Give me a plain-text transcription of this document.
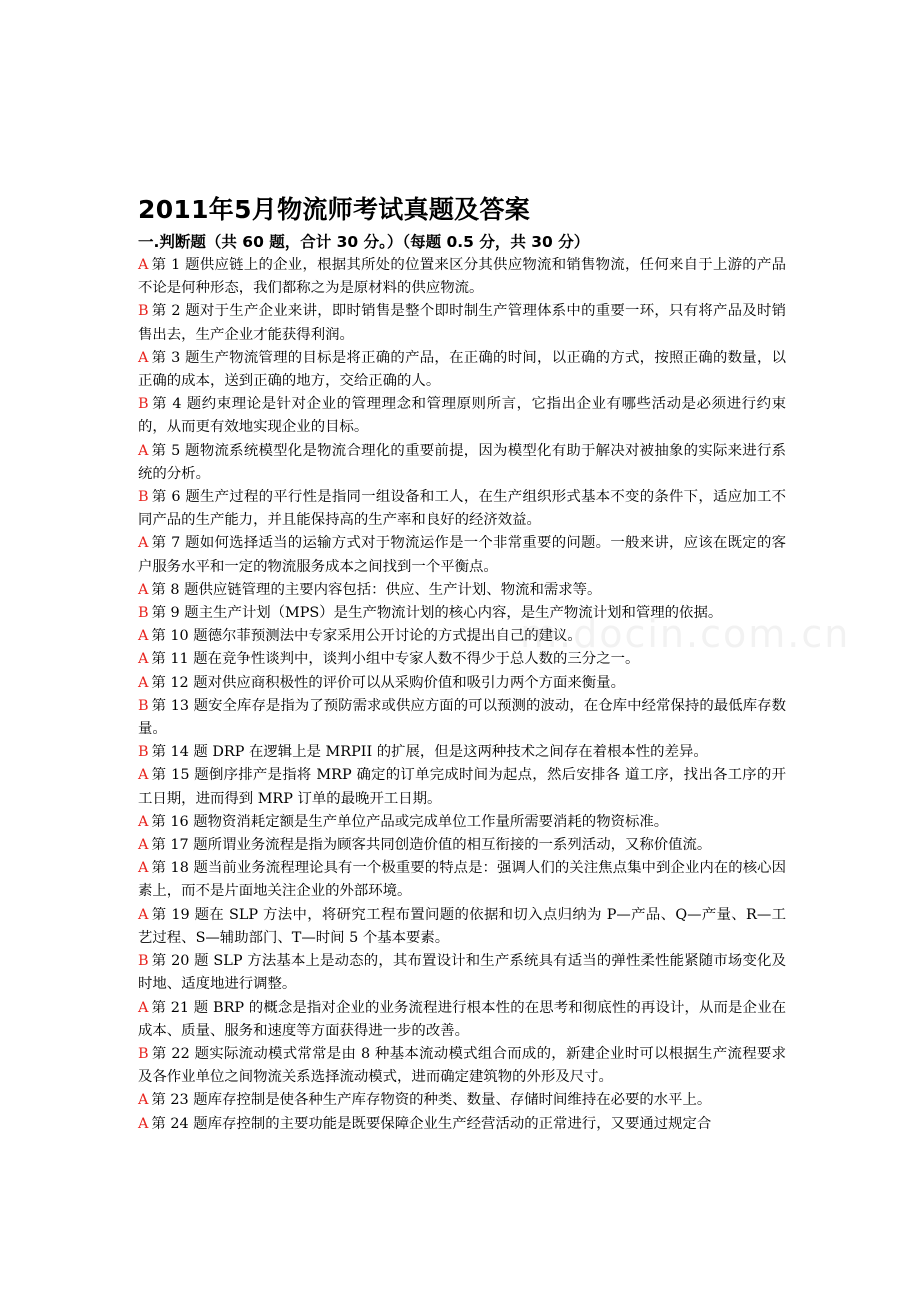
m.docin.com.cn
2011年5月物流师考试真题及答案
一.判断题（共 60 题，合计 30 分。）（每题 0.5 分，共 30 分）

A 第 1 题供应链上的企业，根据其所处的位置来区分其供应物流和销售物流，任何来自于上游的产品不论是何种形态，我们都称之为是原材料的供应物流。

B 第 2 题对于生产企业来讲，即时销售是整个即时制生产管理体系中的重要一环，只有将产品及时销售出去，生产企业才能获得利润。

A 第 3 题生产物流管理的目标是将正确的产品，在正确的时间，以正确的方式，按照正确的数量，以正确的成本，送到正确的地方，交给正确的人。

B 第 4 题约束理论是针对企业的管理理念和管理原则所言，它指出企业有哪些活动是必须进行约束的，从而更有效地实现企业的目标。

A 第 5 题物流系统模型化是物流合理化的重要前提，因为模型化有助于解决对被抽象的实际来进行系统的分析。

B 第 6 题生产过程的平行性是指同一组设备和工人，在生产组织形式基本不变的条件下，适应加工不同产品的生产能力，并且能保持高的生产率和良好的经济效益。

A 第 7 题如何选择适当的运输方式对于物流运作是一个非常重要的问题。一般来讲，应该在既定的客户服务水平和一定的物流服务成本之间找到一个平衡点。

A 第 8 题供应链管理的主要内容包括：供应、生产计划、物流和需求等。

B 第 9 题主生产计划（MPS）是生产物流计划的核心内容，是生产物流计划和管理的依据。

A 第 10 题德尔菲预测法中专家采用公开讨论的方式提出自己的建议。

A 第 11 题在竞争性谈判中，谈判小组中专家人数不得少于总人数的三分之一。

A 第 12 题对供应商积极性的评价可以从采购价值和吸引力两个方面来衡量。

B 第 13 题安全库存是指为了预防需求或供应方面的可以预测的波动，在仓库中经常保持的最低库存数量。

B 第 14 题 DRP 在逻辑上是 MRPII 的扩展，但是这两种技术之间存在着根本性的差异。

A 第 15 题倒序排产是指将 MRP 确定的订单完成时间为起点，然后安排各 道工序，找出各工序的开工日期，进而得到 MRP 订单的最晚开工日期。

A 第 16 题物资消耗定额是生产单位产品或完成单位工作量所需要消耗的物资标准。

A 第 17 题所谓业务流程是指为顾客共同创造价值的相互衔接的一系列活动，又称价值流。

A 第 18 题当前业务流程理论具有一个极重要的特点是：强调人们的关注焦点集中到企业内在的核心因素上，而不是片面地关注企业的外部环境。

A 第 19 题在 SLP 方法中，将研究工程布置问题的依据和切入点归纳为 P—产品、Q—产量、R—工艺过程、S—辅助部门、T—时间 5 个基本要素。

B 第 20 题 SLP 方法基本上是动态的，其布置设计和生产系统具有适当的弹性柔性能紧随市场变化及时地、适度地进行调整。

A 第 21 题 BRP 的概念是指对企业的业务流程进行根本性的在思考和彻底性的再设计，从而是企业在成本、质量、服务和速度等方面获得进一步的改善。

B 第 22 题实际流动模式常常是由 8 种基本流动模式组合而成的，新建企业时可以根据生产流程要求及各作业单位之间物流关系选择流动模式，进而确定建筑物的外形及尺寸。

A 第 23 题库存控制是使各种生产库存物资的种类、数量、存储时间维持在必要的水平上。

A 第 24 题库存控制的主要功能是既要保障企业生产经营活动的正常进行，又要通过规定合
